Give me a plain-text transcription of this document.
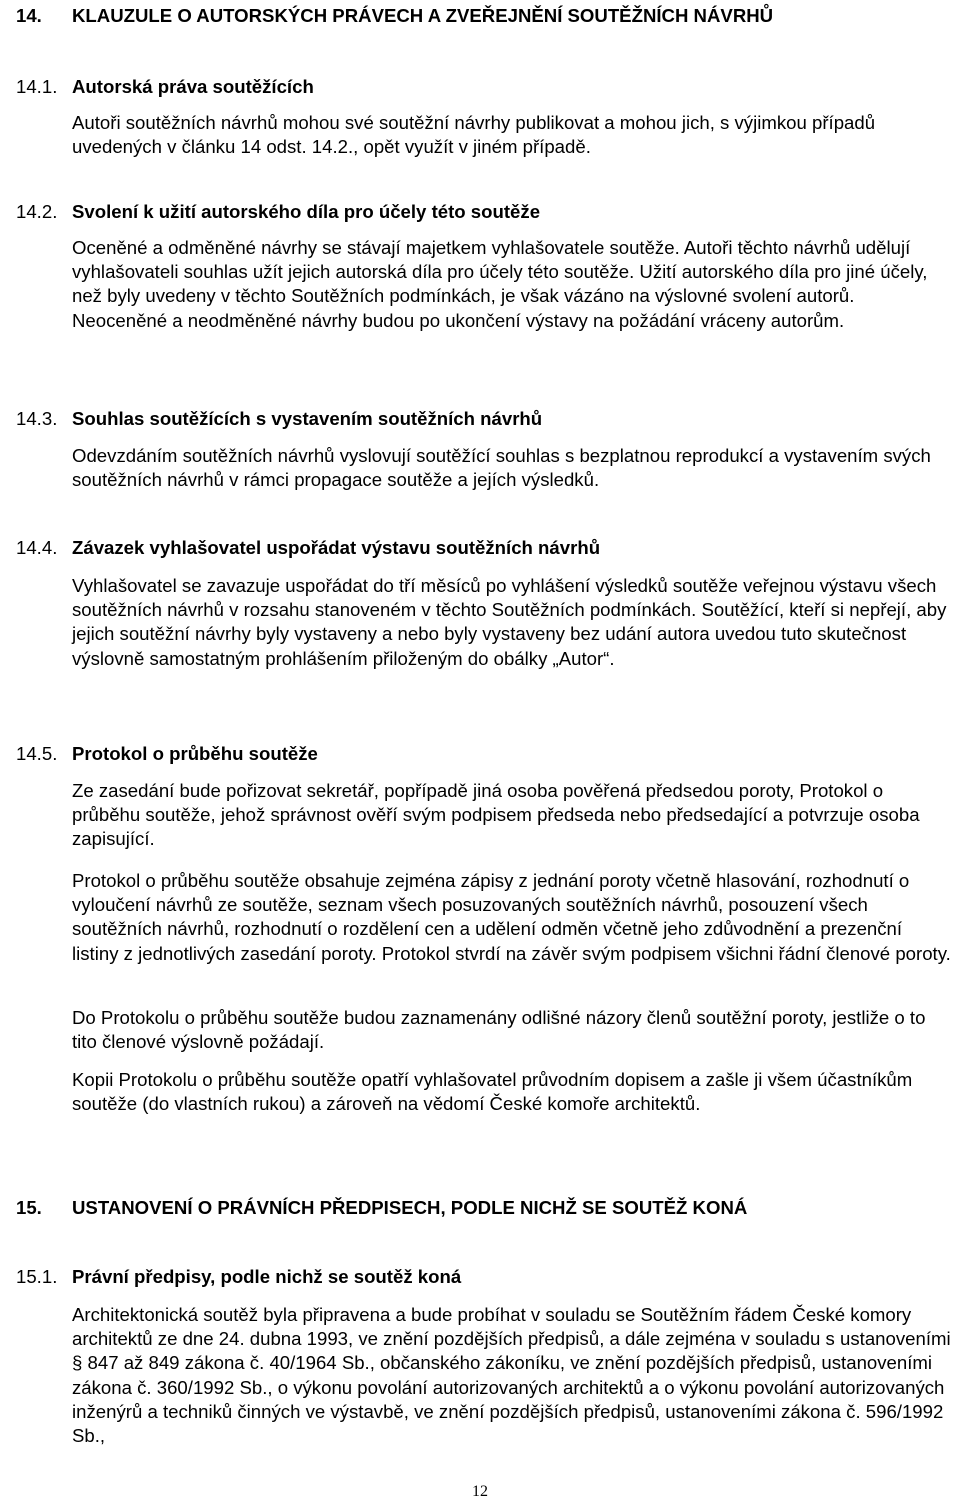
14. KLAUZULE O AUTORSKÝCH PRÁVECH A ZVEŘEJNĚNÍ SOUTĚŽNÍCH NÁVRHŮ
14.1. Autorská práva soutěžících
Autoři soutěžních návrhů mohou své soutěžní návrhy publikovat a mohou jich, s výjimkou případů uvedených v článku 14 odst. 14.2., opět využít v jiném případě.
14.2. Svolení k užití autorského díla pro účely této soutěže
Oceněné a odměněné návrhy se stávají majetkem vyhlašovatele soutěže. Autoři těchto návrhů udělují vyhlašovateli souhlas užít jejich autorská díla pro účely této soutěže. Užití autorského díla pro jiné účely, než byly uvedeny v těchto Soutěžních podmínkách, je však vázáno na výslovné svolení autorů. Neoceněné a neodměněné návrhy budou po ukončení výstavy na požádání vráceny autorům.
14.3. Souhlas soutěžících s vystavením soutěžních návrhů
Odevzdáním soutěžních návrhů vyslovují soutěžící souhlas s bezplatnou reprodukcí a vystavením svých soutěžních návrhů v rámci propagace soutěže a jejích výsledků.
14.4. Závazek vyhlašovatel uspořádat výstavu soutěžních návrhů
Vyhlašovatel se zavazuje uspořádat do tří měsíců po vyhlášení výsledků soutěže veřejnou výstavu všech soutěžních návrhů v rozsahu stanoveném v těchto Soutěžních podmínkách. Soutěžící, kteří si nepřejí, aby jejich soutěžní návrhy byly vystaveny a nebo byly vystaveny bez udání autora uvedou tuto skutečnost výslovně samostatným prohlášením přiloženým do obálky „Autor“.
14.5. Protokol o průběhu soutěže
Ze zasedání bude pořizovat sekretář, popřípadě jiná osoba pověřená předsedou poroty, Protokol o průběhu soutěže, jehož správnost ověří svým podpisem předseda nebo předsedající a potvrzuje osoba zapisující.
Protokol o průběhu soutěže obsahuje zejména zápisy z jednání poroty včetně hlasování, rozhodnutí o vyloučení návrhů ze soutěže, seznam všech posuzovaných soutěžních návrhů, posouzení všech soutěžních návrhů, rozhodnutí o rozdělení cen a udělení odměn včetně jeho zdůvodnění a prezenční listiny z jednotlivých zasedání poroty. Protokol stvrdí na závěr svým podpisem všichni řádní členové poroty.
Do Protokolu o průběhu soutěže budou zaznamenány odlišné názory členů soutěžní poroty, jestliže o to tito členové výslovně požádají.
Kopii Protokolu o průběhu soutěže opatří vyhlašovatel průvodním dopisem a zašle ji všem účastníkům soutěže (do vlastních rukou) a zároveň na vědomí České komoře architektů.
15. USTANOVENÍ O PRÁVNÍCH PŘEDPISECH, PODLE NICHŽ SE SOUTĚŽ KONÁ
15.1. Právní předpisy, podle nichž se soutěž koná
Architektonická soutěž byla připravena a bude probíhat v souladu se Soutěžním řádem České komory architektů ze dne 24. dubna 1993, ve znění pozdějších předpisů, a dále zejména v souladu s ustanoveními § 847 až 849 zákona č. 40/1964 Sb., občanského zákoníku, ve znění pozdějších předpisů, ustanoveními zákona č. 360/1992 Sb., o výkonu povolání autorizovaných architektů a o výkonu povolání autorizovaných inženýrů a techniků činných ve výstavbě, ve znění pozdějších předpisů, ustanoveními zákona č. 596/1992 Sb.,
12
